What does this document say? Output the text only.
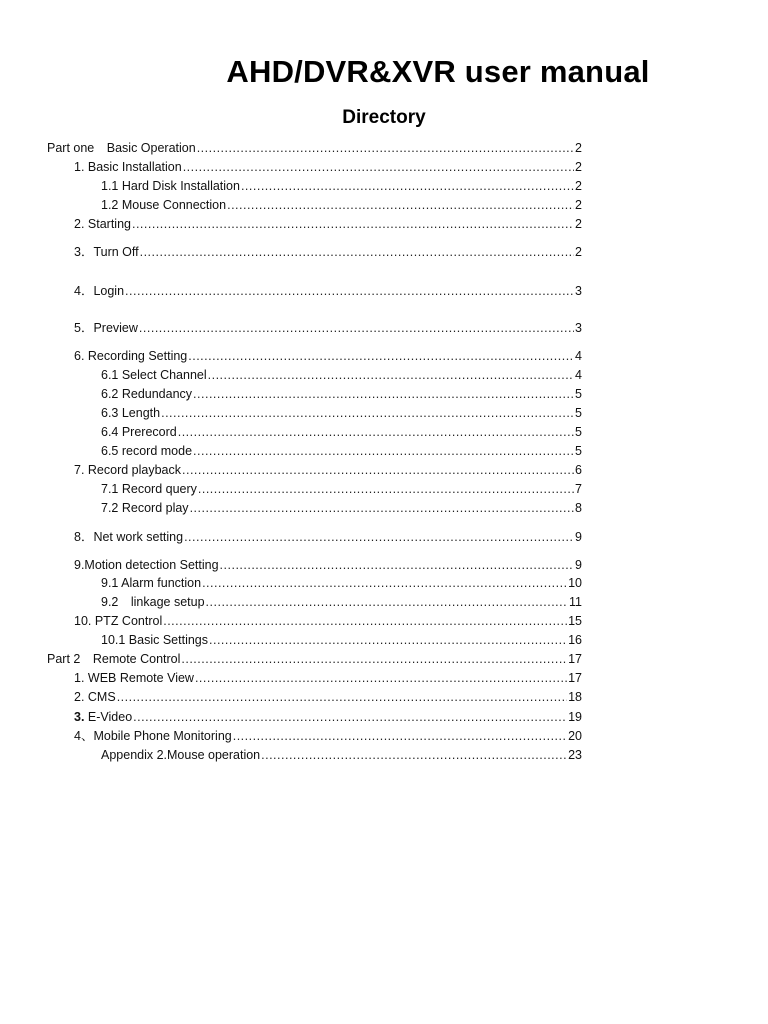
AHD/DVR&XVR user manual
Directory
Part one　Basic Operation .....	2
1. Basic Installation .....	2
1.1 Hard Disk Installation .....	2
1.2 Mouse Connection .....	2
2. Starting .....	2
3．Turn Off .....	2
4．Login .....	3
5．Preview .....	3
6. Recording Setting .....	4
6.1 Select Channel .....	4
6.2 Redundancy .....	5
6.3 Length .....	5
6.4 Prerecord .....	5
6.5 record mode .....	5
7. Record playback .....	6
7.1 Record query .....	7
7.2 Record play .....	8
8．Net work setting .....	9
9.Motion detection Setting .....	9
9.1 Alarm function .....	10
9.2　linkage setup .....	11
10. PTZ Control .....	15
10.1 Basic Settings .....	16
Part 2　Remote Control .....	17
1. WEB Remote View .....	17
2. CMS .....	18
3. E-Video .....	19
4、Mobile Phone Monitoring .....	20
Appendix 2.Mouse operation .....	23
